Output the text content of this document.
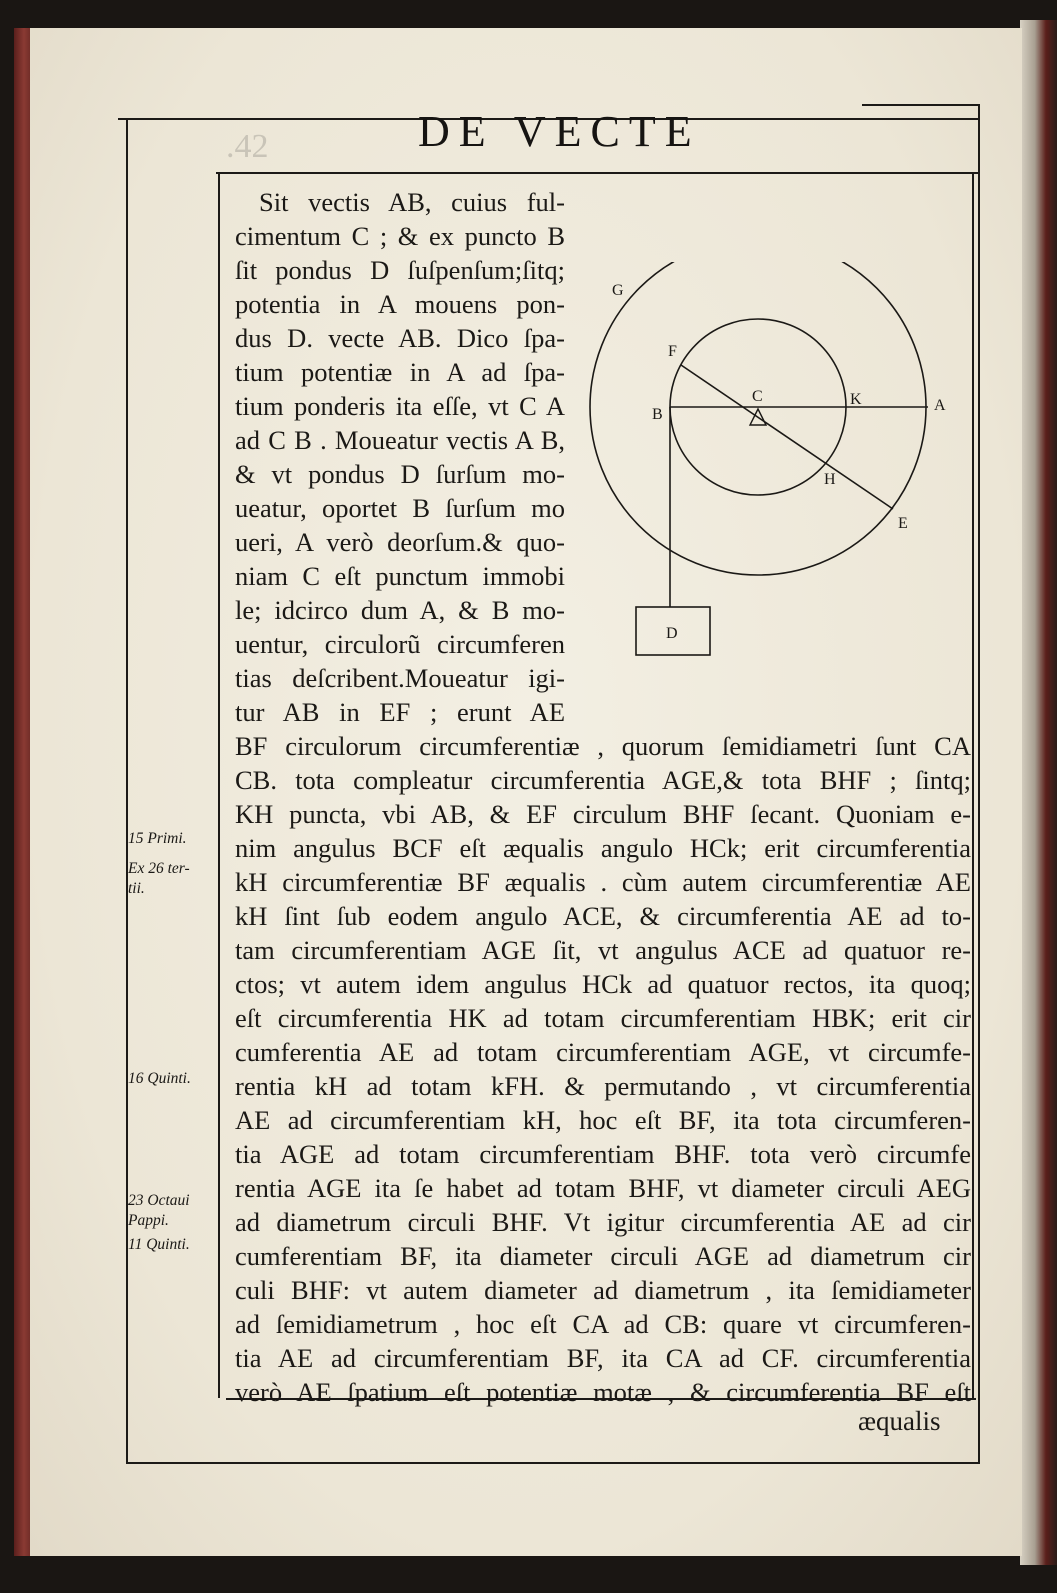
.42	DE VECTE
G
F
C	K	A
B
H
E
D
Sit vectis AB, cuius ful-
cimentum C ; & ex puncto B
ſit pondus D ſuſpenſum;ſitq;
potentia in A mouens pon-
dus D. vecte AB. Dico ſpa-
tium potentiæ in A ad ſpa-
tium ponderis ita eſſe, vt C A
ad C B . Moueatur vectis A B,
& vt pondus D ſurſum mo-
ueatur, oportet B ſurſum mo
ueri, A verò deorſum.& quo-
niam C eſt punctum immobi
le; idcirco dum A, & B mo-
uentur, circulorũ circumferen
tias deſcribent.Moueatur igi-
tur AB in EF ; erunt AE
BF circulorum circumferentiæ , quorum ſemidiametri ſunt CA
CB. tota compleatur circumferentia AGE,& tota BHF ; ſintq;
KH puncta, vbi AB, & EF circulum BHF ſecant. Quoniam e-
nim angulus BCF eſt æqualis angulo HCk; erit circumferentia
kH circumferentiæ BF æqualis . cùm autem circumferentiæ AE
kH ſint ſub eodem angulo ACE, & circumferentia AE ad to-
tam circumferentiam AGE ſit, vt angulus ACE ad quatuor re-
ctos; vt autem idem angulus HCk ad quatuor rectos, ita quoq;
eſt circumferentia HK ad totam circumferentiam HBK; erit cir
cumferentia AE ad totam circumferentiam AGE, vt circumfe-
rentia kH ad totam kFH. & permutando , vt circumferentia
AE ad circumferentiam kH, hoc eſt BF, ita tota circumferen-
tia AGE ad totam circumferentiam BHF. tota verò circumfe
rentia AGE ita ſe habet ad totam BHF, vt diameter circuli AEG
ad diametrum circuli BHF. Vt igitur circumferentia AE ad cir
cumferentiam BF, ita diameter circuli AGE ad diametrum cir
culi BHF: vt autem diameter ad diametrum , ita ſemidiameter
ad ſemidiametrum , hoc eſt CA ad CB: quare vt circumferen-
tia AE ad circumferentiam BF, ita CA ad CF. circumferentia
verò AE ſpatium eſt potentiæ motæ , & circumferentia BF eſt
15 Primi.
Ex 26 ter-
tii.
16 Quinti.
23 Octaui
Pappi.
11 Quinti.
æqualis
